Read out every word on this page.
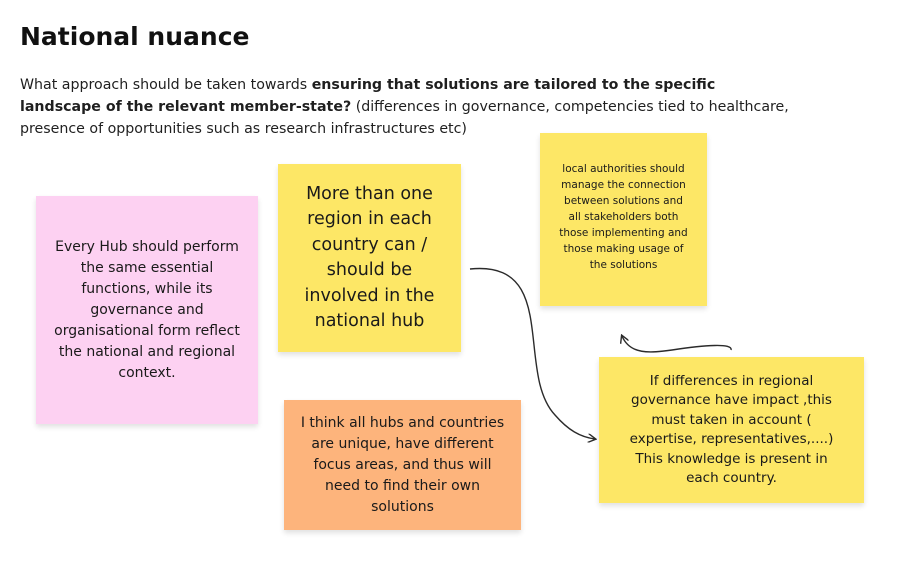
National nuance

What approach should be taken towards ensuring that solutions are tailored to the specific landscape of the relevant member-state? (differences in governance, competencies tied to healthcare, presence of opportunities such as research infrastructures etc)

Every Hub should perform the same essential functions, while its governance and organisational form reflect the national and regional context.
More than one region in each country can / should be involved in the national hub
local authorities should manage the connection between solutions and all stakeholders both those implementing and those making usage of the solutions
I think all hubs and countries are unique, have different focus areas, and thus will need to find their own solutions
If differences in regional governance have impact ,this must taken in account ( expertise, representatives,....) This knowledge is present in each country.
